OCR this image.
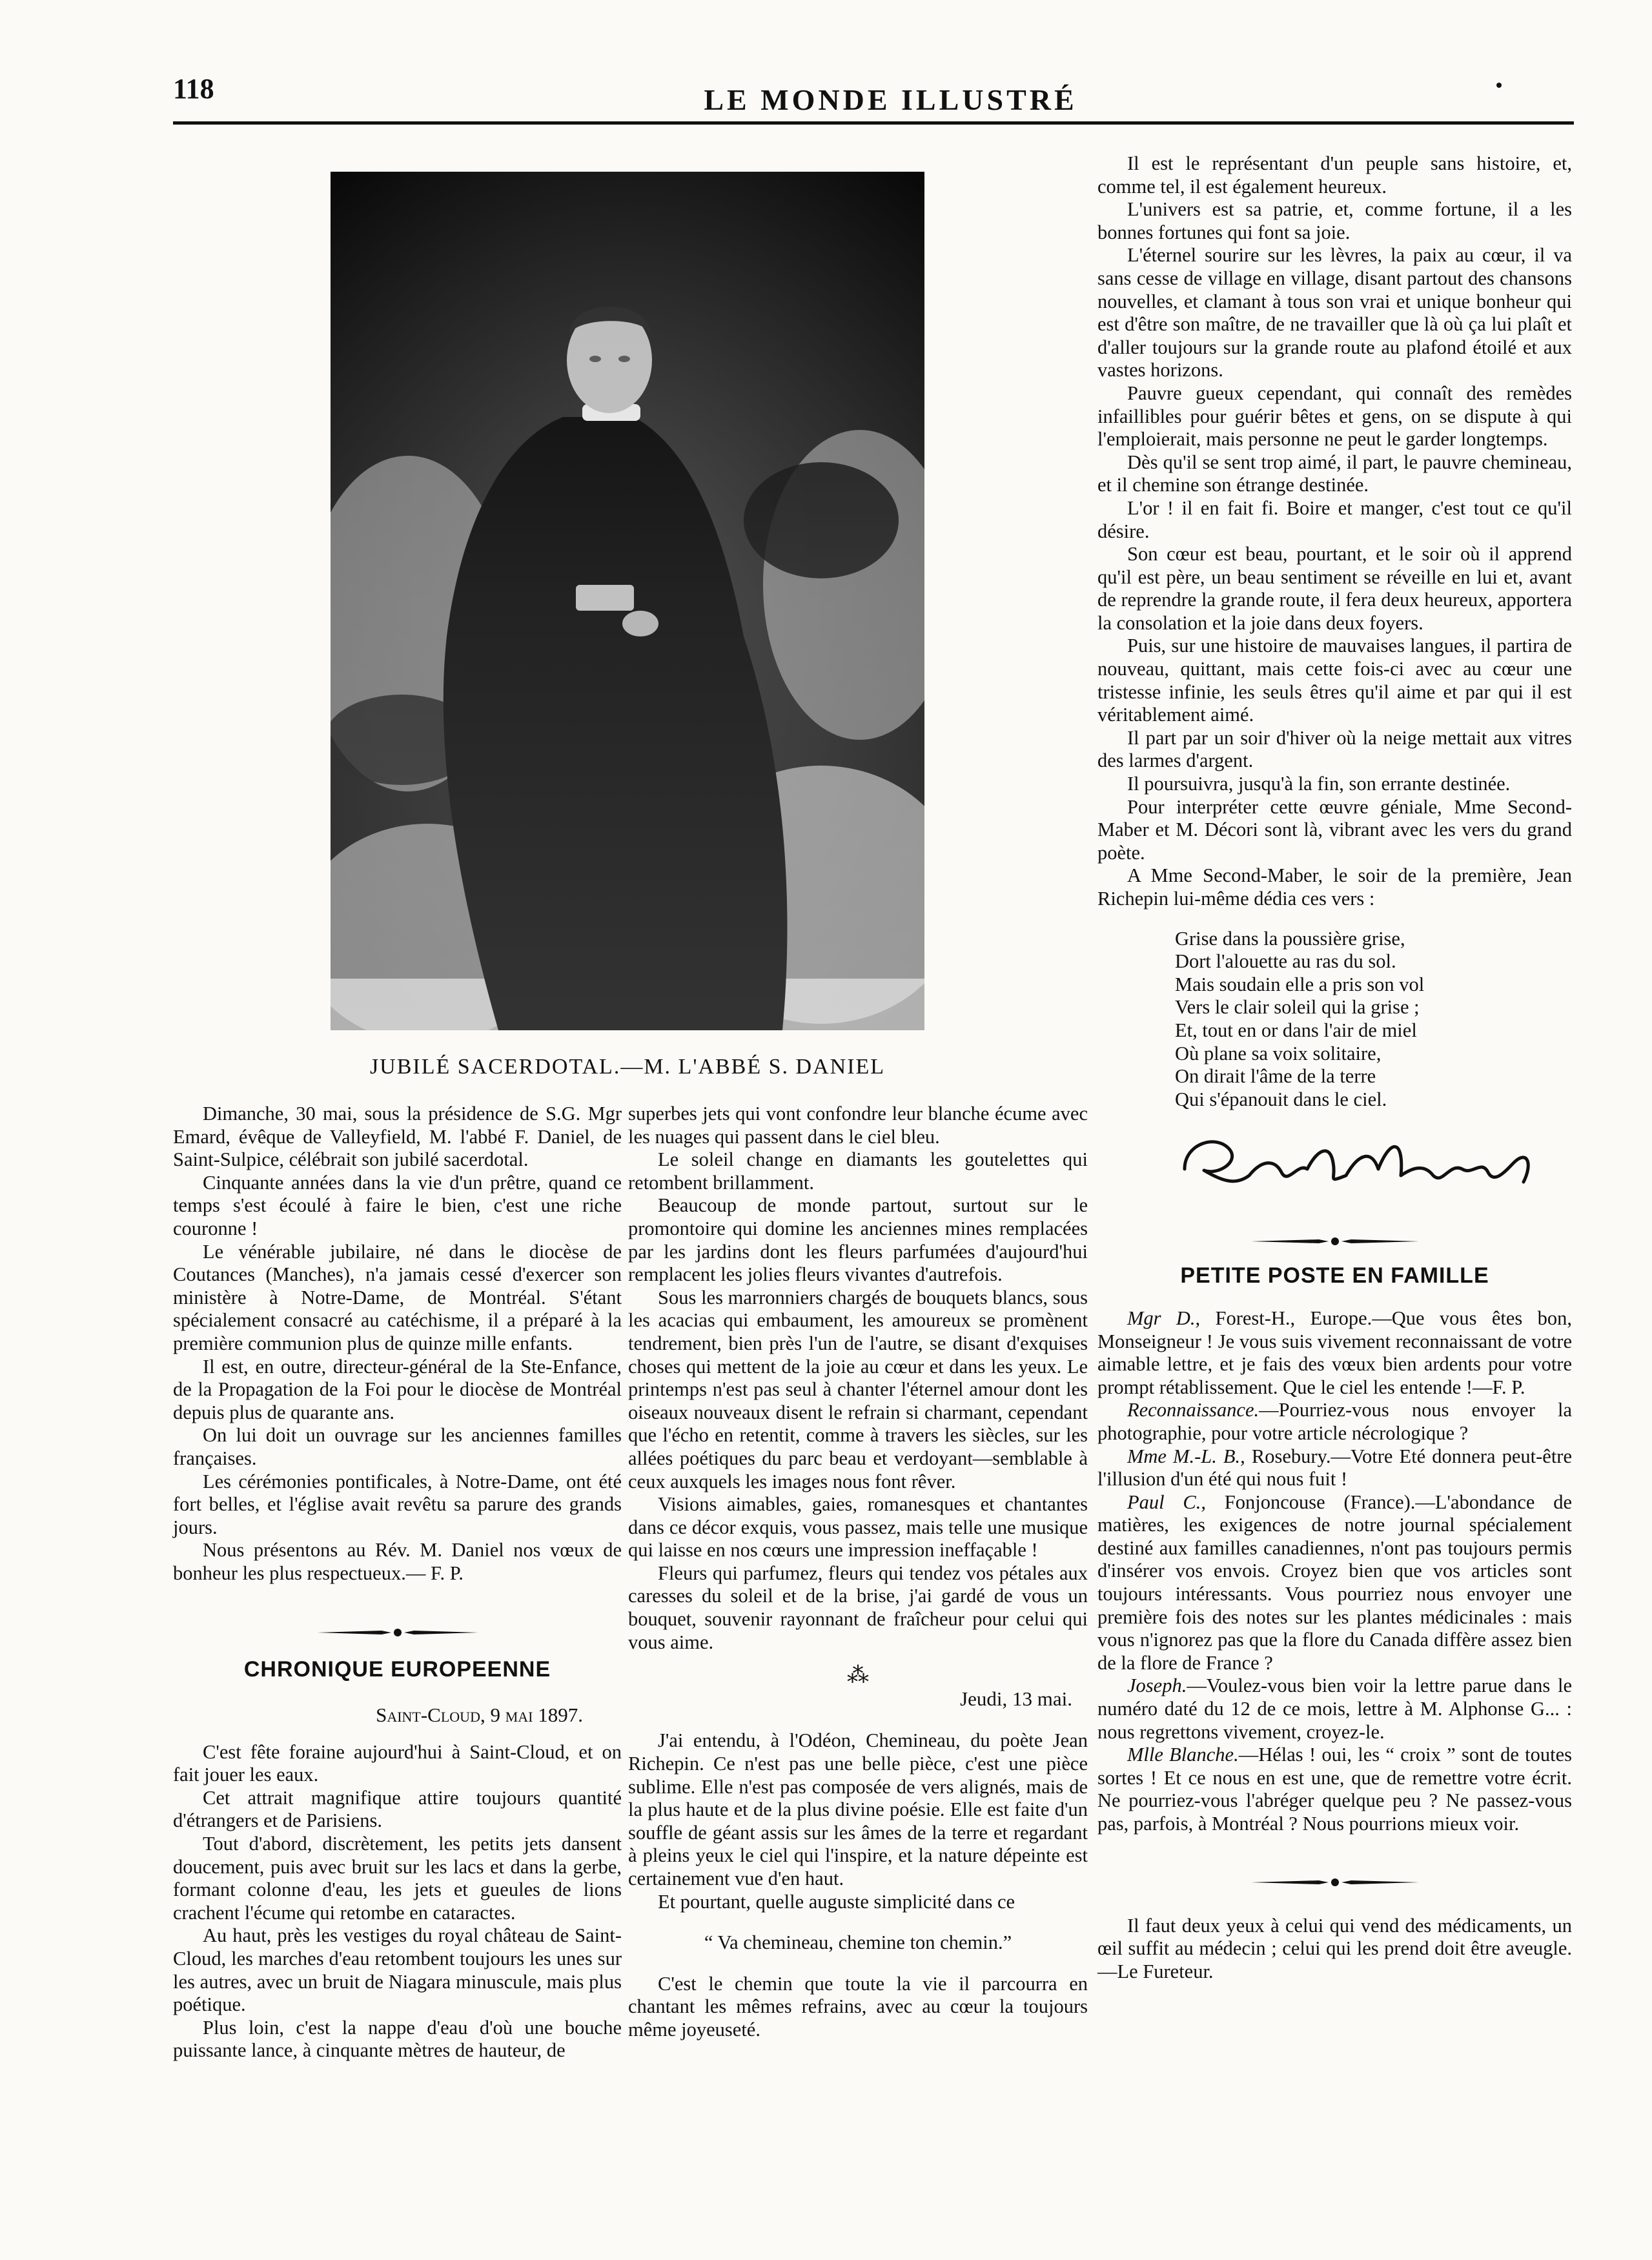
118	LE MONDE ILLUSTRÉ
JUBILÉ SACERDOTAL.—M. L'ABBÉ S. DANIEL

Dimanche, 30 mai, sous la présidence de S.G. Mgr Emard, évêque de Valleyfield, M. l'abbé F. Daniel, de Saint-Sulpice, célébrait son jubilé sacerdotal.

Cinquante années dans la vie d'un prêtre, quand ce temps s'est écoulé à faire le bien, c'est une riche couronne !

Le vénérable jubilaire, né dans le diocèse de Coutances (Manches), n'a jamais cessé d'exercer son ministère à Notre-Dame, de Montréal. S'étant spécialement consacré au catéchisme, il a préparé à la première communion plus de quinze mille enfants.

Il est, en outre, directeur-général de la Ste-Enfance, de la Propagation de la Foi pour le diocèse de Montréal depuis plus de quarante ans.

On lui doit un ouvrage sur les anciennes familles françaises.

Les cérémonies pontificales, à Notre-Dame, ont été fort belles, et l'église avait revêtu sa parure des grands jours.

Nous présentons au Rév. M. Daniel nos vœux de bonheur les plus respectueux.— F. P.

CHRONIQUE EUROPEENNE
Saint-Cloud, 9 mai 1897.

C'est fête foraine aujourd'hui à Saint-Cloud, et on fait jouer les eaux.

Cet attrait magnifique attire toujours quantité d'étrangers et de Parisiens.

Tout d'abord, discrètement, les petits jets dansent doucement, puis avec bruit sur les lacs et dans la gerbe, formant colonne d'eau, les jets et gueules de lions crachent l'écume qui retombe en cataractes.

Au haut, près les vestiges du royal château de Saint-Cloud, les marches d'eau retombent toujours les unes sur les autres, avec un bruit de Niagara minuscule, mais plus poétique.

Plus loin, c'est la nappe d'eau d'où une bouche puissante lance, à cinquante mètres de hauteur, de

superbes jets qui vont confondre leur blanche écume avec les nuages qui passent dans le ciel bleu.

Le soleil change en diamants les goutelettes qui retombent brillamment.

Beaucoup de monde partout, surtout sur le promontoire qui domine les anciennes mines remplacées par les jardins dont les fleurs parfumées d'aujourd'hui remplacent les jolies fleurs vivantes d'autrefois.

Sous les marronniers chargés de bouquets blancs, sous les acacias qui embaument, les amoureux se promènent tendrement, bien près l'un de l'autre, se disant d'exquises choses qui mettent de la joie au cœur et dans les yeux. Le printemps n'est pas seul à chanter l'éternel amour dont les oiseaux nouveaux disent le refrain si charmant, cependant que l'écho en retentit, comme à travers les siècles, sur les allées poétiques du parc beau et verdoyant—semblable à ceux auxquels les images nous font rêver.

Visions aimables, gaies, romanesques et chantantes dans ce décor exquis, vous passez, mais telle une musique qui laisse en nos cœurs une impression ineffaçable !

Fleurs qui parfumez, fleurs qui tendez vos pétales aux caresses du soleil et de la brise, j'ai gardé de vous un bouquet, souvenir rayonnant de fraîcheur pour celui qui vous aime.

⁂
Jeudi, 13 mai.

J'ai entendu, à l'Odéon, Chemineau, du poète Jean Richepin. Ce n'est pas une belle pièce, c'est une pièce sublime. Elle n'est pas composée de vers alignés, mais de la plus haute et de la plus divine poésie. Elle est faite d'un souffle de géant assis sur les âmes de la terre et regardant à pleins yeux le ciel qui l'inspire, et la nature dépeinte est certainement vue d'en haut.

Et pourtant, quelle auguste simplicité dans ce

“ Va chemineau, chemine ton chemin.”

C'est le chemin que toute la vie il parcourra en chantant les mêmes refrains, avec au cœur la toujours même joyeuseté.

Il est le représentant d'un peuple sans histoire, et, comme tel, il est également heureux.

L'univers est sa patrie, et, comme fortune, il a les bonnes fortunes qui font sa joie.

L'éternel sourire sur les lèvres, la paix au cœur, il va sans cesse de village en village, disant partout des chansons nouvelles, et clamant à tous son vrai et unique bonheur qui est d'être son maître, de ne travailler que là où ça lui plaît et d'aller toujours sur la grande route au plafond étoilé et aux vastes horizons.

Pauvre gueux cependant, qui connaît des remèdes infaillibles pour guérir bêtes et gens, on se dispute à qui l'emploierait, mais personne ne peut le garder longtemps.

Dès qu'il se sent trop aimé, il part, le pauvre chemineau, et il chemine son étrange destinée.

L'or ! il en fait fi. Boire et manger, c'est tout ce qu'il désire.

Son cœur est beau, pourtant, et le soir où il apprend qu'il est père, un beau sentiment se réveille en lui et, avant de reprendre la grande route, il fera deux heureux, apportera la consolation et la joie dans deux foyers.

Puis, sur une histoire de mauvaises langues, il partira de nouveau, quittant, mais cette fois-ci avec au cœur une tristesse infinie, les seuls êtres qu'il aime et par qui il est véritablement aimé.

Il part par un soir d'hiver où la neige mettait aux vitres des larmes d'argent.

Il poursuivra, jusqu'à la fin, son errante destinée.

Pour interpréter cette œuvre géniale, Mme Second-Maber et M. Décori sont là, vibrant avec les vers du grand poète.

A Mme Second-Maber, le soir de la première, Jean Richepin lui-même dédia ces vers :

Grise dans la poussière grise,
Dort l'alouette au ras du sol.
Mais soudain elle a pris son vol
Vers le clair soleil qui la grise ;
Et, tout en or dans l'air de miel
Où plane sa voix solitaire,
On dirait l'âme de la terre
Qui s'épanouit dans le ciel.
PETITE POSTE EN FAMILLE

Mgr D., Forest-H., Europe.—Que vous êtes bon, Monseigneur ! Je vous suis vivement reconnaissant de votre aimable lettre, et je fais des vœux bien ardents pour votre prompt rétablissement. Que le ciel les entende !—F. P.

Reconnaissance.—Pourriez-vous nous envoyer la photographie, pour votre article nécrologique ?

Mme M.-L. B., Rosebury.—Votre Eté donnera peut-être l'illusion d'un été qui nous fuit !

Paul C., Fonjoncouse (France).—L'abondance de matières, les exigences de notre journal spécialement destiné aux familles canadiennes, n'ont pas toujours permis d'insérer vos envois. Croyez bien que vos articles sont toujours intéressants. Vous pourriez nous envoyer une première fois des notes sur les plantes médicinales : mais vous n'ignorez pas que la flore du Canada diffère assez bien de la flore de France ?

Joseph.—Voulez-vous bien voir la lettre parue dans le numéro daté du 12 de ce mois, lettre à M. Alphonse G... : nous regrettons vivement, croyez-le.

Mlle Blanche.—Hélas ! oui, les “ croix ” sont de toutes sortes ! Et ce nous en est une, que de remettre votre écrit. Ne pourriez-vous l'abréger quelque peu ? Ne passez-vous pas, parfois, à Montréal ? Nous pourrions mieux voir.

Il faut deux yeux à celui qui vend des médicaments, un œil suffit au médecin ; celui qui les prend doit être aveugle.—Le Fureteur.
